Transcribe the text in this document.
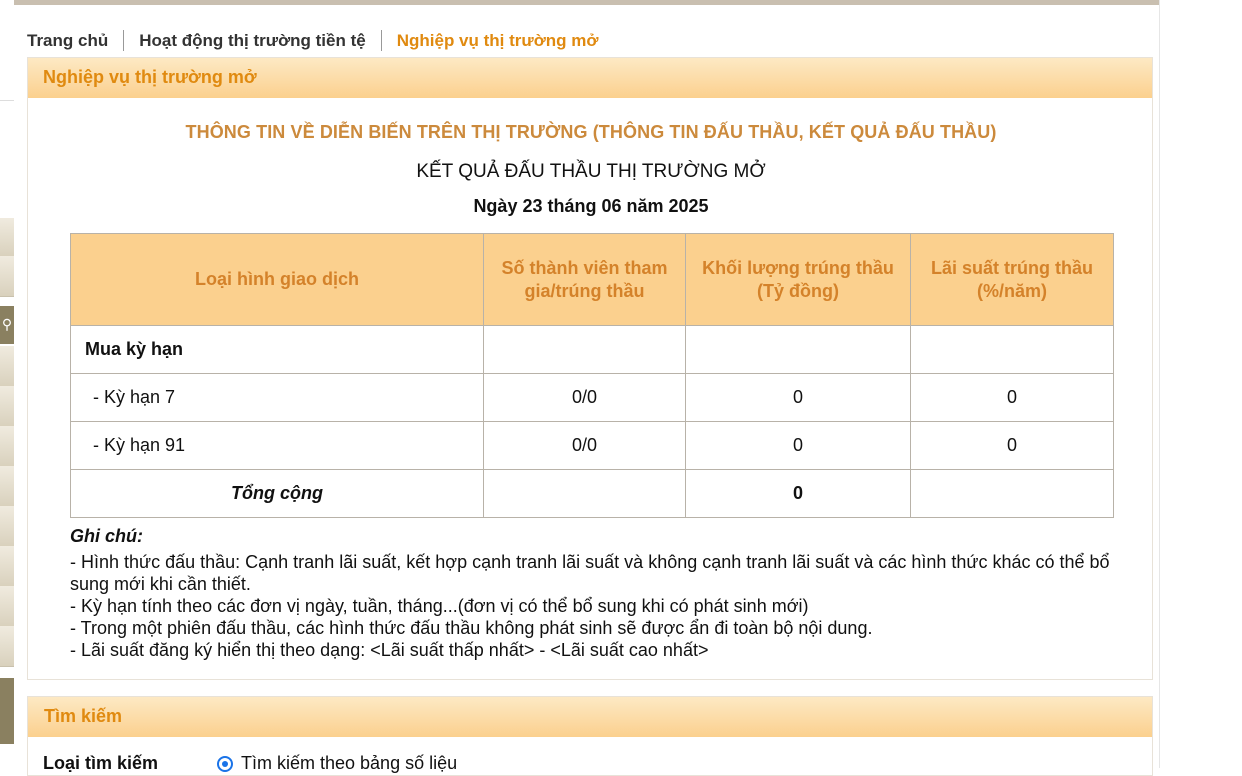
⚲
Trang chủ	Hoạt động thị trường tiền tệ	Nghiệp vụ thị trường mở
Nghiệp vụ thị trường mở
THÔNG TIN VỀ DIỄN BIẾN TRÊN THỊ TRƯỜNG (THÔNG TIN ĐẤU THẦU, KẾT QUẢ ĐẤU THẦU)
KẾT QUẢ ĐẤU THẦU THỊ TRƯỜNG MỞ
Ngày 23 tháng 06 năm 2025
Loại hình giao dịch	Số thành viên tham gia/trúng thầu	Khối lượng trúng thầu (Tỷ đồng)	Lãi suất trúng thầu (%/năm)
Mua kỳ hạn			
- Kỳ hạn 7	0/0	0	0
- Kỳ hạn 91	0/0	0	0
Tổng cộng		0	
Ghi chú:
- Hình thức đấu thầu: Cạnh tranh lãi suất, kết hợp cạnh tranh lãi suất và không cạnh tranh lãi suất và các hình thức khác có thể bổ sung mới khi cần thiết.
- Kỳ hạn tính theo các đơn vị ngày, tuần, tháng...(đơn vị có thể bổ sung khi có phát sinh mới)
- Trong một phiên đấu thầu, các hình thức đấu thầu không phát sinh sẽ được ẩn đi toàn bộ nội dung.
- Lãi suất đăng ký hiển thị theo dạng: <Lãi suất thấp nhất> - <Lãi suất cao nhất>
Tìm kiếm
Loại tìm kiếm	Tìm kiếm theo bảng số liệu
